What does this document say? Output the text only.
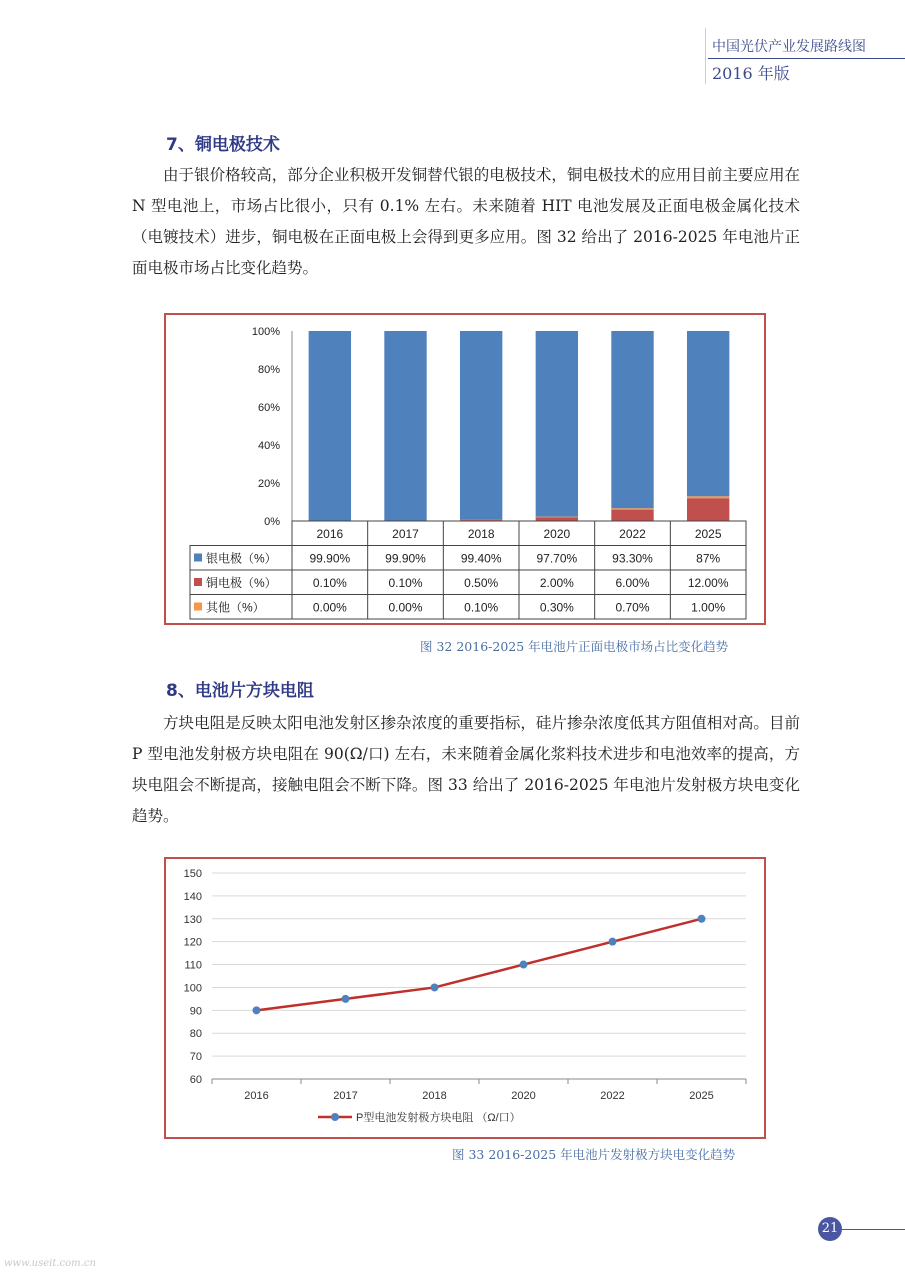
中国光伏产业发展路线图
2016 年版
7、铜电极技术

由于银价格较高，部分企业积极开发铜替代银的电极技术，铜电极技术的应用目前主要应用在 N 型电池上，市场占比很小，只有 0.1% 左右。未来随着 HIT 电池发展及正面电极金属化技术（电镀技术）进步，铜电极在正面电极上会得到更多应用。图 32 给出了 2016-2025 年电池片正面电极市场占比变化趋势。

0%
20%
40%
60%
80%
100%
2016	2017	2018	2020	2022	2025
银电极（%）	99.90%	99.90%	99.40%	97.70%	93.30%	87%
铜电极（%）	0.10%	0.10%	0.50%	2.00%	6.00%	12.00%
其他（%）	0.00%	0.00%	0.10%	0.30%	0.70%	1.00%
图 32 2016-2025 年电池片正面电极市场占比变化趋势
8、电池片方块电阻

方块电阻是反映太阳电池发射区掺杂浓度的重要指标，硅片掺杂浓度低其方阻值相对高。目前 P 型电池发射极方块电阻在 90(Ω/口) 左右，未来随着金属化浆料技术进步和电池效率的提高，方块电阻会不断提高，接触电阻会不断下降。图 33 给出了 2016-2025 年电池片发射极方块电变化趋势。

60
70
80
90
100
110
120
130
140
150
2016	2017	2018	2020	2022	2025
P型电池发射极方块电阻 （Ω/口）
图 33 2016-2025 年电池片发射极方块电变化趋势
21
www.useit.com.cn
